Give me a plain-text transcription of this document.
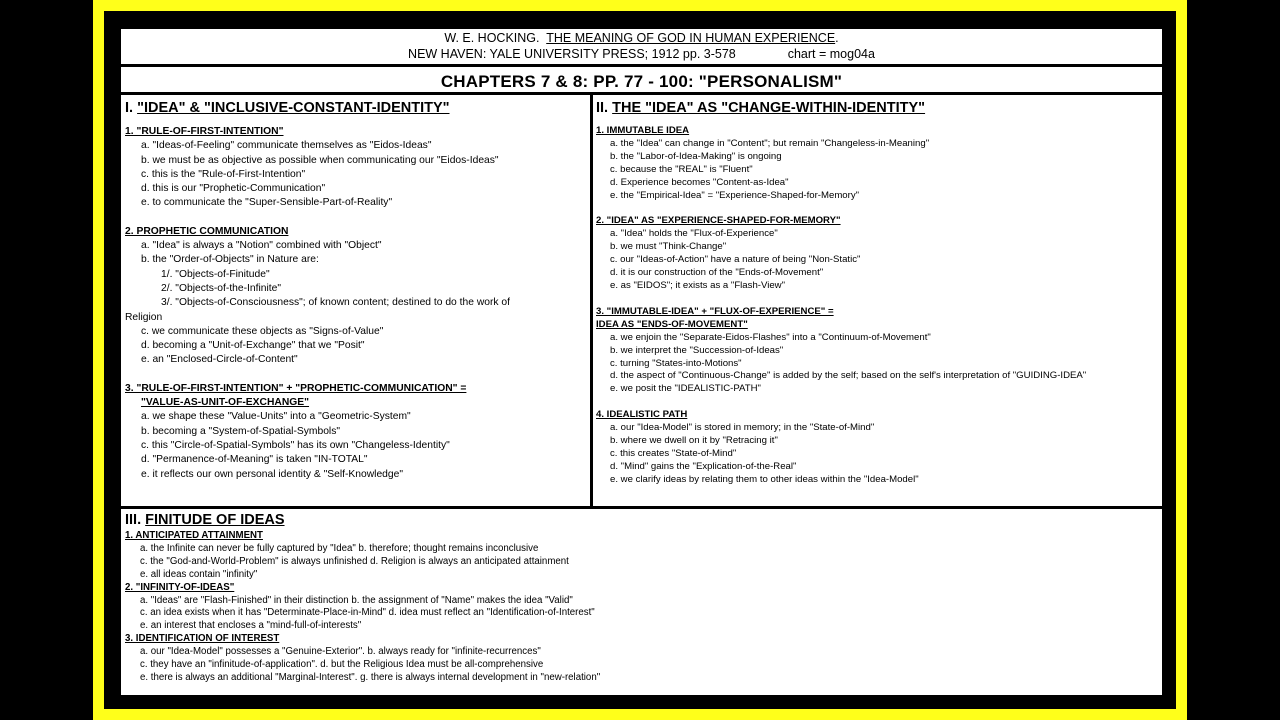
W. E. HOCKING. THE MEANING OF GOD IN HUMAN EXPERIENCE.
NEW HAVEN: YALE UNIVERSITY PRESS; 1912 pp. 3-578	chart = mog04a
CHAPTERS 7 & 8: PP. 77 - 100: "PERSONALISM"
I. "IDEA" & "INCLUSIVE-CONSTANT-IDENTITY"
1. "RULE-OF-FIRST-INTENTION"
a. "Ideas-of-Feeling" communicate themselves as "Eidos-Ideas"
b. we must be as objective as possible when communicating our "Eidos-Ideas"
c. this is the "Rule-of-First-Intention"
d. this is our "Prophetic-Communication"
e. to communicate the "Super-Sensible-Part-of-Reality"
2. PROPHETIC COMMUNICATION
a. "Idea" is always a "Notion" combined with "Object"
b. the "Order-of-Objects" in Nature are:
1/. "Objects-of-Finitude"
2/. "Objects-of-the-Infinite"
3/. "Objects-of-Consciousness"; of known content; destined to do the work of
Religion
c. we communicate these objects as "Signs-of-Value"
d. becoming a "Unit-of-Exchange" that we "Posit"
e. an "Enclosed-Circle-of-Content"
3. "RULE-OF-FIRST-INTENTION" + "PROPHETIC-COMMUNICATION" =
"VALUE-AS-UNIT-OF-EXCHANGE"
a. we shape these "Value-Units" into a "Geometric-System"
b. becoming a "System-of-Spatial-Symbols"
c. this "Circle-of-Spatial-Symbols" has its own "Changeless-Identity"
d. "Permanence-of-Meaning" is taken "IN-TOTAL"
e. it reflects our own personal identity & "Self-Knowledge"
II. THE "IDEA" AS "CHANGE-WITHIN-IDENTITY"
1. IMMUTABLE IDEA
a. the "Idea" can change in "Content"; but remain "Changeless-in-Meaning"
b. the "Labor-of-Idea-Making" is ongoing
c. because the "REAL" is "Fluent"
d. Experience becomes "Content-as-Idea"
e. the "Empirical-Idea" = "Experience-Shaped-for-Memory"
2. "IDEA" AS "EXPERIENCE-SHAPED-FOR-MEMORY"
a. "Idea" holds the "Flux-of-Experience"
b. we must "Think-Change"
c. our "Ideas-of-Action" have a nature of being "Non-Static"
d. it is our construction of the "Ends-of-Movement"
e. as "EIDOS"; it exists as a "Flash-View"
3. "IMMUTABLE-IDEA" + "FLUX-OF-EXPERIENCE" =
IDEA AS "ENDS-OF-MOVEMENT"
a. we enjoin the "Separate-Eidos-Flashes" into a "Continuum-of-Movement"
b. we interpret the "Succession-of-Ideas"
c. turning "States-into-Motions"
d. the aspect of "Continuous-Change" is added by the self; based on the self's interpretation of "GUIDING-IDEA"
e. we posit the "IDEALISTIC-PATH"
4. IDEALISTIC PATH
a. our "Idea-Model" is stored in memory; in the "State-of-Mind"
b. where we dwell on it by "Retracing it"
c. this creates "State-of-Mind"
d. "Mind" gains the "Explication-of-the-Real"
e. we clarify ideas by relating them to other ideas within the "Idea-Model"
III. FINITUDE OF IDEAS
1. ANTICIPATED ATTAINMENT
a. the Infinite can never be fully captured by "Idea" b. therefore; thought remains inconclusive
c. the "God-and-World-Problem" is always unfinished d. Religion is always an anticipated attainment
e. all ideas contain "infinity"
2. "INFINITY-OF-IDEAS"
a. "Ideas" are "Flash-Finished" in their distinction b. the assignment of "Name" makes the idea "Valid"
c. an idea exists when it has "Determinate-Place-in-Mind" d. idea must reflect an "Identification-of-Interest"
e. an interest that encloses a "mind-full-of-interests"
3. IDENTIFICATION OF INTEREST
a. our "Idea-Model" possesses a "Genuine-Exterior". b. always ready for "infinite-recurrences"
c. they have an "infinitude-of-application". d. but the Religious Idea must be all-comprehensive
e. there is always an additional "Marginal-Interest". g. there is always internal development in "new-relation"
